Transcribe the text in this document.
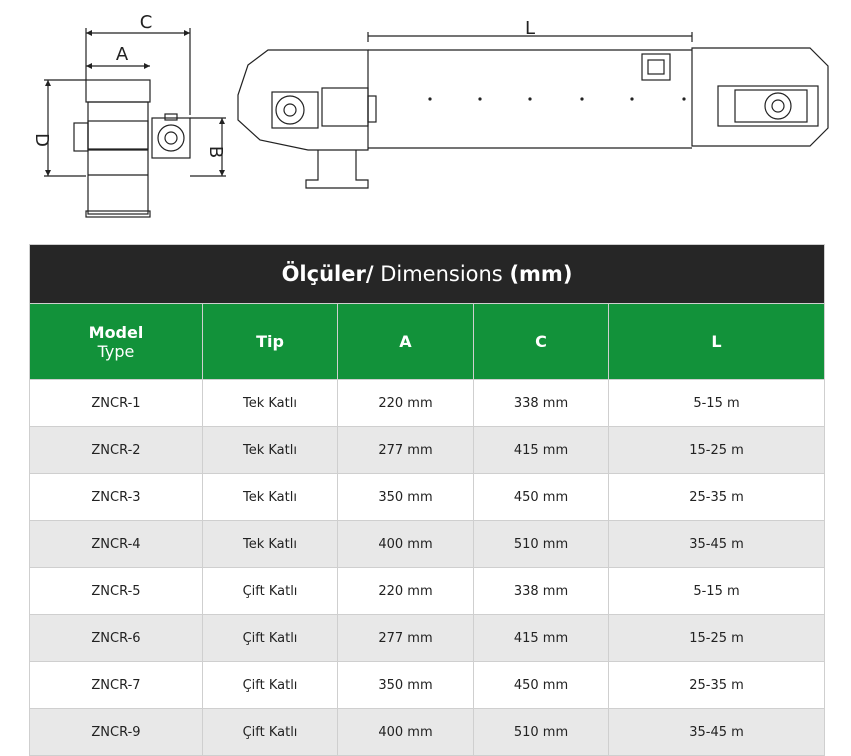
C
A
D
B
L
Ölçüler/ Dimensions (mm)				

Model
Type	Tip	A	C	L

ZNCR-1	Tek Katlı	220 mm	338 mm	5-15 m
ZNCR-2	Tek Katlı	277 mm	415 mm	15-25 m
ZNCR-3	Tek Katlı	350 mm	450 mm	25-35 m
ZNCR-4	Tek Katlı	400 mm	510 mm	35-45 m
ZNCR-5	Çift Katlı	220 mm	338 mm	5-15 m
ZNCR-6	Çift Katlı	277 mm	415 mm	15-25 m
ZNCR-7	Çift Katlı	350 mm	450 mm	25-35 m
ZNCR-9	Çift Katlı	400 mm	510 mm	35-45 m
